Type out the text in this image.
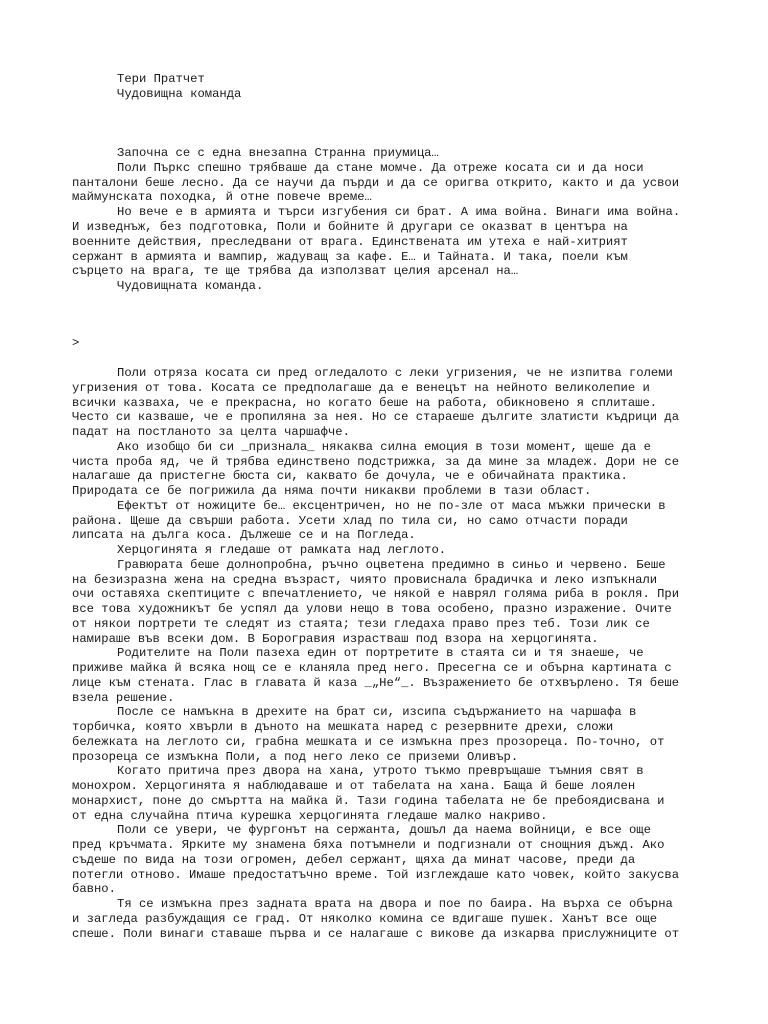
Тери Пратчет
Чудовищна команда
>
Започна се с една внезапна Странна приумица…
Поли Пъркс спешно трябваше да стане момче. Да отреже косата си и да носи
панталони беше лесно. Да се научи да пърди и да се оригва открито, както и да усвои
маймунската походка, й отне повече време…
Но вече е в армията и търси изгубения си брат. А има война. Винаги има война.
И изведнъж, без подготовка, Поли и бойните й другари се оказват в центъра на
военните действия, преследвани от врага. Единствената им утеха е най-хитрият
сержант в армията и вампир, жадуващ за кафе. Е… и Тайната. И така, поели към
сърцето на врага, те ще трябва да използват целия арсенал на…
Чудовищната команда.
Поли отряза косата си пред огледалото с леки угризения, че не изпитва големи
угризения от това. Косата се предполагаше да е венецът на нейното великолепие и
всички казваха, че е прекрасна, но когато беше на работа, обикновено я сплиташе.
Често си казваше, че е пропиляна за нея. Но се стараеше дългите златисти къдрици да
падат на постланото за целта чаршафче.
Ако изобщо би си _признала_ някаква силна емоция в този момент, щеше да е
чиста проба яд, че й трябва единствено подстрижка, за да мине за младеж. Дори не се
налагаше да пристегне бюста си, каквато бе дочула, че е обичайната практика.
Природата се бе погрижила да няма почти никакви проблеми в тази област.
Ефектът от ножиците бе… ексцентричен, но не по-зле от маса мъжки прически в
района. Щеше да свърши работа. Усети хлад по тила си, но само отчасти поради
липсата на дълга коса. Дължеше се и на Погледа.
Херцогинята я гледаше от рамката над леглото.
Гравюрата беше долнопробна, ръчно оцветена предимно в синьо и червено. Беше
на безизразна жена на средна възраст, чиято провиснала брадичка и леко изпъкнали
очи оставяха скептиците с впечатлението, че някой е наврял голяма риба в рокля. При
все това художникът бе успял да улови нещо в това особено, празно изражение. Очите
от някои портрети те следят из стаята; тези гледаха право през теб. Този лик се
намираше във всеки дом. В Борогравия израстваш под взора на херцогинята.
Родителите на Поли пазеха един от портретите в стаята си и тя знаеше, че
приживе майка й всяка нощ се е кланяла пред него. Пресегна се и обърна картината с
лице към стената. Глас в главата й каза _„Не“_. Възражението бе отхвърлено. Тя беше
взела решение.
После се намъкна в дрехите на брат си, изсипа съдържанието на чаршафа в
торбичка, която хвърли в дъното на мешката наред с резервните дрехи, сложи
бележката на леглото си, грабна мешката и се измъкна през прозореца. По-точно, от
прозореца се измъкна Поли, а под него леко се приземи Оливър.
Когато притича през двора на хана, утрото тъкмо превръщаше тъмния свят в
монохром. Херцогинята я наблюдаваше и от табелата на хана. Баща й беше лоялен
монархист, поне до смъртта на майка й. Тази година табелата не бе пребоядисвана и
от една случайна птича курешка херцогинята гледаше малко накриво.
Поли се увери, че фургонът на сержанта, дошъл да наема войници, е все още
пред кръчмата. Ярките му знамена бяха потъмнели и подгизнали от снощния дъжд. Ако
съдеше по вида на този огромен, дебел сержант, щяха да минат часове, преди да
потегли отново. Имаше предостатъчно време. Той изглеждаше като човек, който закусва
бавно.
Тя се измъкна през задната врата на двора и пое по баира. На върха се обърна
и загледа разбуждащия се град. От няколко комина се вдигаше пушек. Ханът все още
спеше. Поли винаги ставаше първа и се налагаше с викове да изкарва прислужниците от
